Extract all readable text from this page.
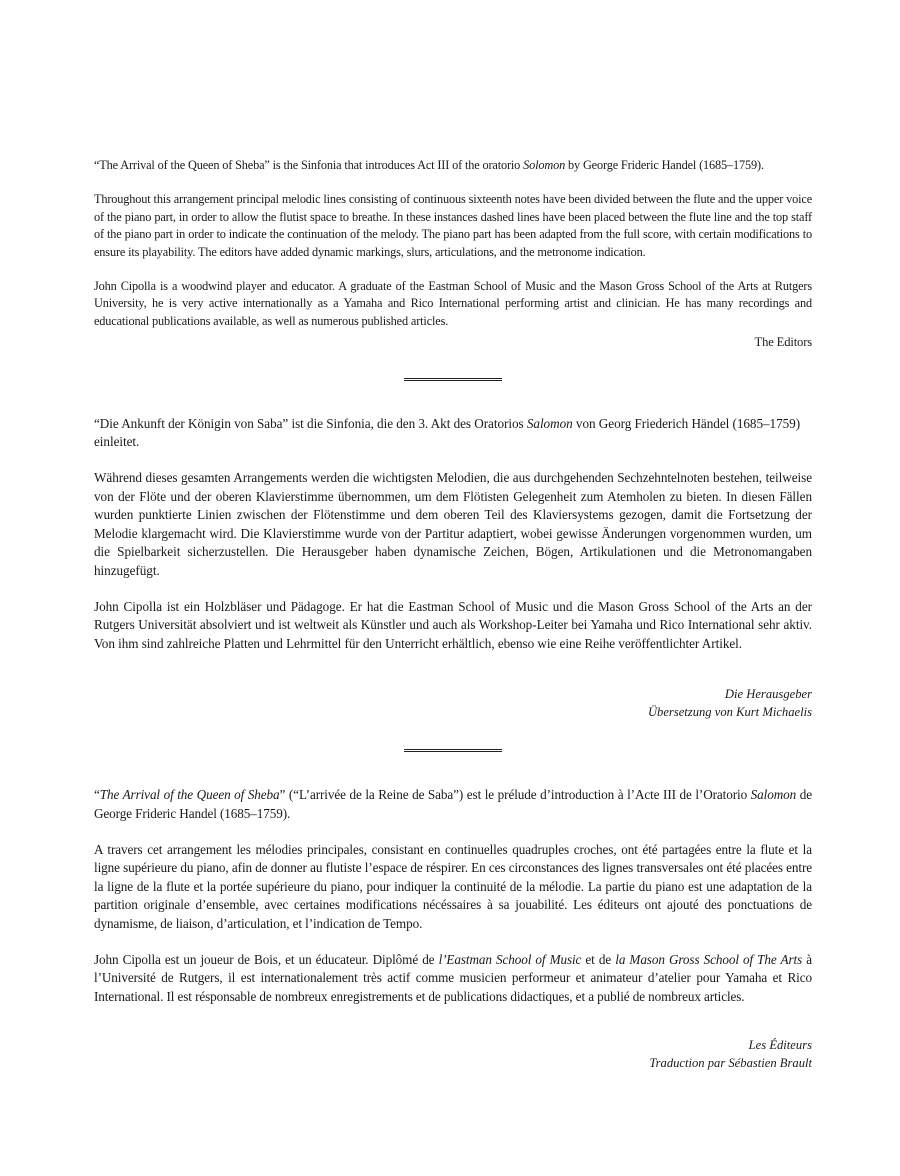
“The Arrival of the Queen of Sheba” is the Sinfonia that introduces Act III of the oratorio Solomon by George Frideric Handel (1685–1759).

Throughout this arrangement principal melodic lines consisting of continuous sixteenth notes have been divided between the flute and the upper voice of the piano part, in order to allow the flutist space to breathe. In these instances dashed lines have been placed between the flute line and the top staff of the piano part in order to indicate the continuation of the melody. The piano part has been adapted from the full score, with certain modifications to ensure its playability. The editors have added dynamic markings, slurs, articulations, and the metronome indication.

John Cipolla is a woodwind player and educator. A graduate of the Eastman School of Music and the Mason Gross School of the Arts at Rutgers University, he is very active internationally as a Yamaha and Rico International performing artist and clinician. He has many recordings and educational publications available, as well as numerous published articles.

The Editors

“Die Ankunft der Königin von Saba” ist die Sinfonia, die den 3. Akt des Oratorios Salomon von Georg Friederich Händel (1685–1759) einleitet.

Während dieses gesamten Arrangements werden die wichtigsten Melodien, die aus durchgehenden Sechzehntelnoten bestehen, teilweise von der Flöte und der oberen Klavierstimme übernommen, um dem Flötisten Gelegenheit zum Atemholen zu bieten. In diesen Fällen wurden punktierte Linien zwischen der Flötenstimme und dem oberen Teil des Klaviersystems gezogen, damit die Fortsetzung der Melodie klargemacht wird. Die Klavierstimme wurde von der Partitur adaptiert, wobei gewisse Änderungen vorgenommen wurden, um die Spielbarkeit sicherzustellen. Die Herausgeber haben dynamische Zeichen, Bögen, Artikulationen und die Metronomangaben hinzugefügt.

John Cipolla ist ein Holzbläser und Pädagoge. Er hat die Eastman School of Music und die Mason Gross School of the Arts an der Rutgers Universität absolviert und ist weltweit als Künstler und auch als Workshop-Leiter bei Yamaha und Rico International sehr aktiv. Von ihm sind zahlreiche Platten und Lehrmittel für den Unterricht erhältlich, ebenso wie eine Reihe veröffentlichter Artikel.

Die Herausgeber
Übersetzung von Kurt Michaelis

“The Arrival of the Queen of Sheba” (“L’arrivée de la Reine de Saba”) est le prélude d’introduction à l’Acte III de l’Oratorio Salomon de George Frideric Handel (1685–1759).

A travers cet arrangement les mélodies principales, consistant en continuelles quadruples croches, ont été partagées entre la flute et la ligne supérieure du piano, afin de donner au flutiste l’espace de réspirer. En ces circonstances des lignes transversales ont été placées entre la ligne de la flute et la portée supérieure du piano, pour indiquer la continuité de la mélodie. La partie du piano est une adaptation de la partition originale d’ensemble, avec certaines modifications nécéssaires à sa jouabilité. Les éditeurs ont ajouté des ponctuations de dynamisme, de liaison, d’articulation, et l’indication de Tempo.

John Cipolla est un joueur de Bois, et un éducateur. Diplômé de l’Eastman School of Music et de la Mason Gross School of The Arts à l’Université de Rutgers, il est internationalement très actif comme musicien performeur et animateur d’atelier pour Yamaha et Rico International. Il est résponsable de nombreux enregistrements et de publications didactiques, et a publié de nombreux articles.

Les Éditeurs
Traduction par Sébastien Brault
